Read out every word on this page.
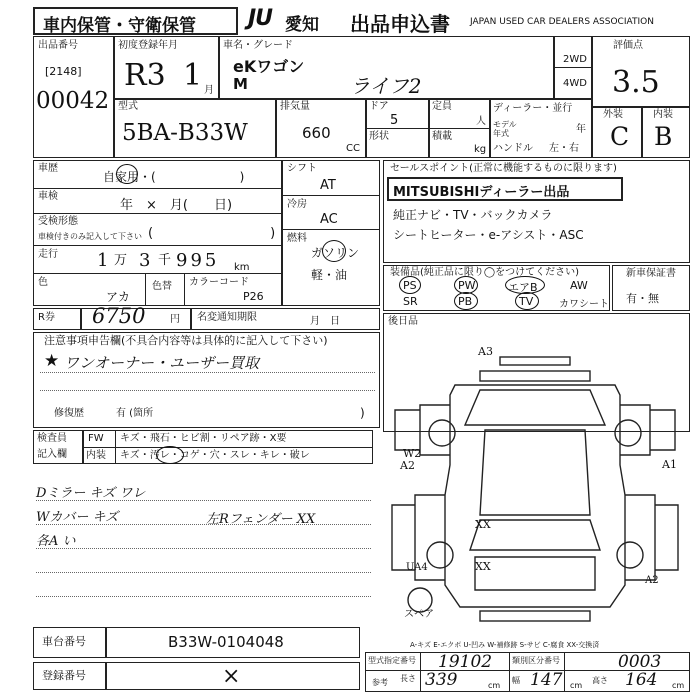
車内保管・守衛保管 JU 愛知 出品申込書 JAPAN USED CAR DEALERS ASSOCIATION
出品番号
[2148]
00042
初度登録年月
R3 1 月
車名・グレード
eKワゴン
M	ライフ2
2WD
4WD
評価点
3.5
外装	内装
C B
型式
5BA-B33W
排気量
660
CC
ドア
5
形状
定員
人
積載
kg
ディーラー・並行
モデル年式	年
ハンドル 左・右
車歴
自家用・(　　　　　　　)
車検
年　×　月(　　日)
受検形態
車検付きのみ記入して下さい (　　　　　　　　　)
走行 1 万 3 千 995 km
色
アカ
色替 カラーコード
P26
シフト
AT
冷房
AC
燃料
ガソリン
軽・油
セールスポイント(正常に機能するものに限ります)
MITSUBISHIディーラー出品
純正ナビ・TV・バックカメラ
シートヒーター・e-アシスト・ASC
装備品(純正品に限り◯をつけてください)
PS	PW	エアB	AW
SR	PB	TV	カワシート
新車保証書
有・無
R券 6750 円 名変通知期限	月　日	後日品
注意事項申告欄(不具合内容等は具体的に記入して下さい)
★ ワンオーナー・ユーザー買取
修復歴	有 (箇所	)
検査員
記入欄
FW キズ・飛石・ヒビ割・リペア跡・X要
内装 キズ・汚レ・コゲ・穴・スレ・キレ・破レ
Dミラー キズ ワレ
Wカバー キズ	左Rフェンダー XX
各A い
A3
W2
A2	A1
XX
XX
UA4
A2
スペア
A-キズ E-エクボ U-凹み W-補修跡 S-サビ C-腐食 XX-交換済
車台番号	B33W-0104048
登録番号	×
型式指定番号 19102 類別区分番号	0003
参考 長さ 339	cm
幅 147 cm
高さ 164 cm
